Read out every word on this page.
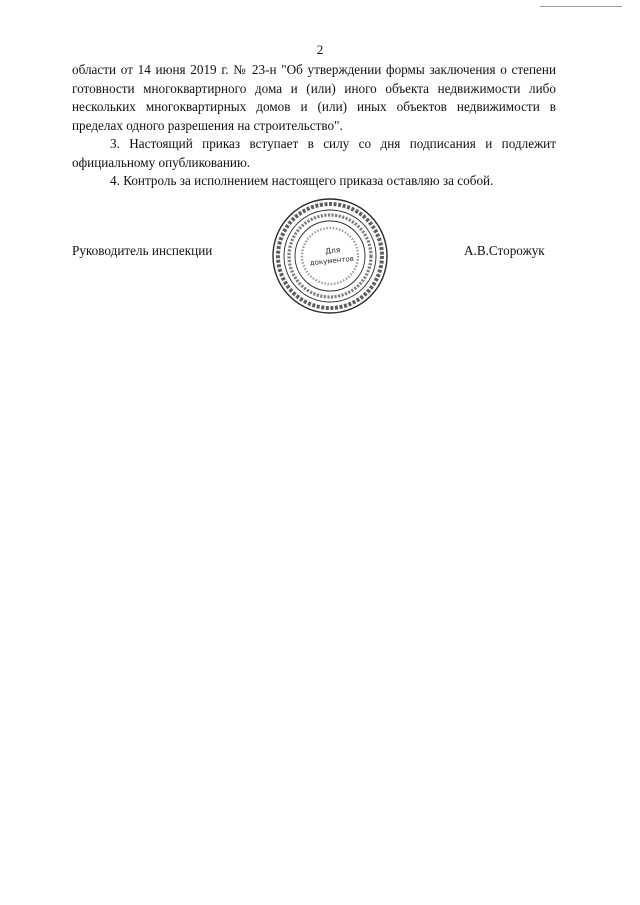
2

области от 14 июня 2019 г. № 23-н "Об утверждении формы заключения о степени готовности многоквартирного дома и (или) иного объекта недвижимости либо нескольких многоквартирных домов и (или) иных объектов недвижимости в пределах одного разрешения на строительство".

3. Настоящий приказ вступает в силу со дня подписания и подлежит официальному опубликованию.

4. Контроль за исполнением настоящего приказа оставляю за собой.

Руководитель инспекции	Для
документов
А.В.Сторожук
